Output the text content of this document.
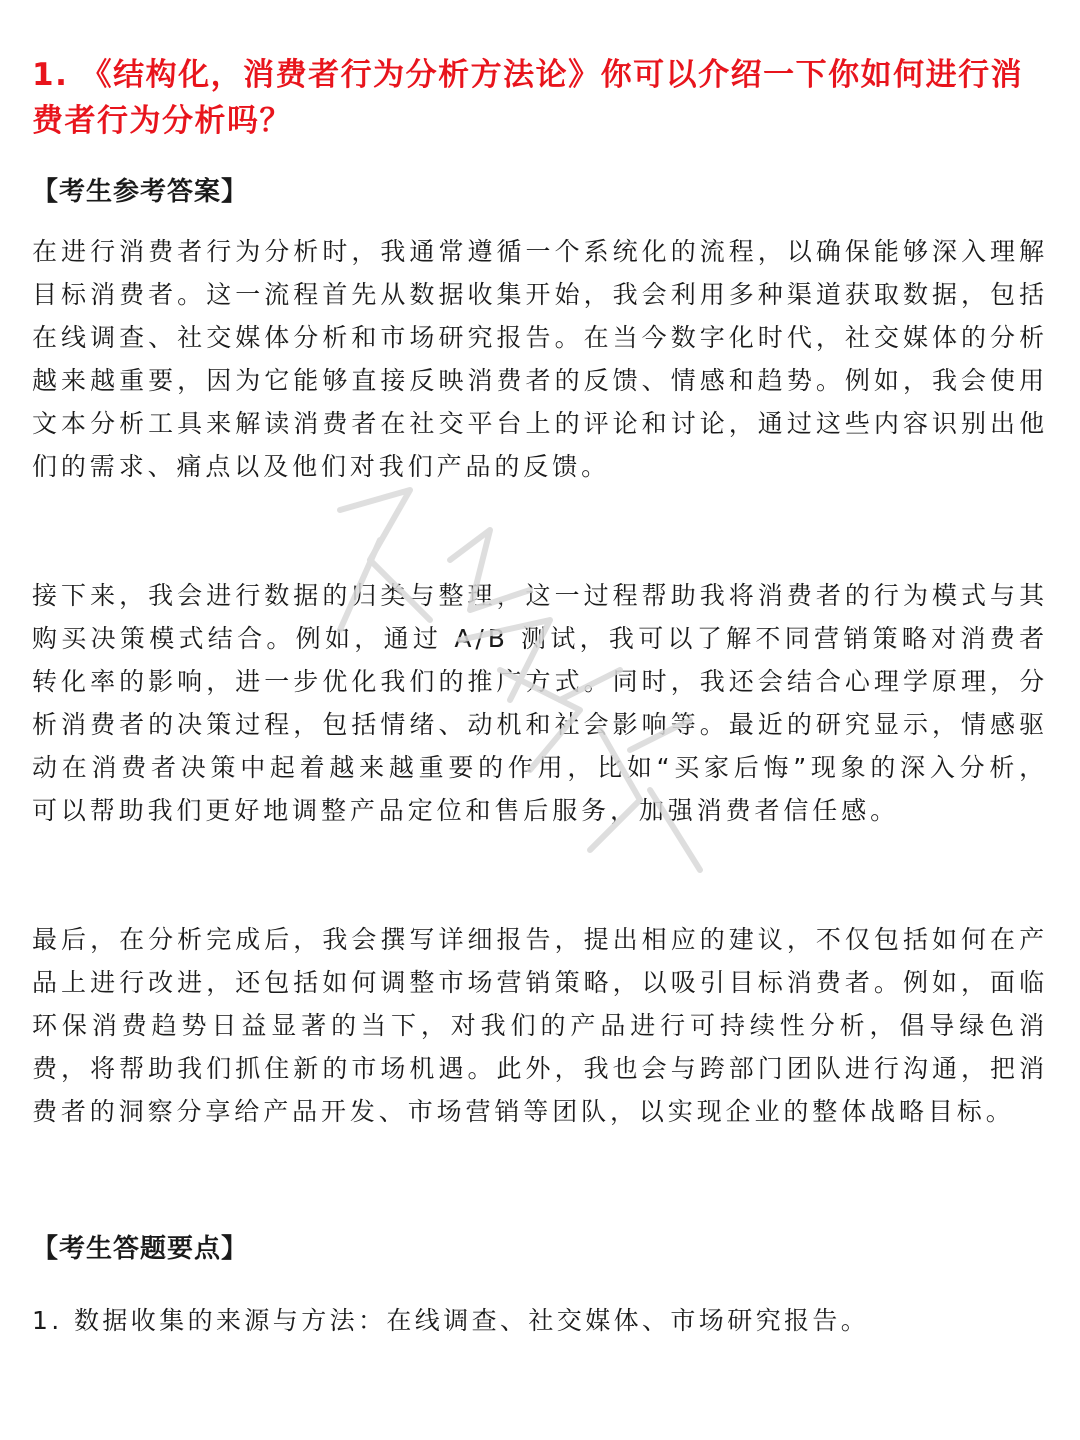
1. 《结构化，消费者行为分析方法论》你可以介绍一下你如何进行消费者行为分析吗？
【考生参考答案】

在进行消费者行为分析时，我通常遵循一个系统化的流程，以确保能够深入理解目标消费者。这一流程首先从数据收集开始，我会利用多种渠道获取数据，包括在线调查、社交媒体分析和市场研究报告。在当今数字化时代，社交媒体的分析越来越重要，因为它能够直接反映消费者的反馈、情感和趋势。例如，我会使用文本分析工具来解读消费者在社交平台上的评论和讨论，通过这些内容识别出他们的需求、痛点以及他们对我们产品的反馈。

接下来，我会进行数据的归类与整理，这一过程帮助我将消费者的行为模式与其购买决策模式结合。例如，通过 A/B 测试，我可以了解不同营销策略对消费者转化率的影响，进一步优化我们的推广方式。同时，我还会结合心理学原理，分析消费者的决策过程，包括情绪、动机和社会影响等。最近的研究显示，情感驱动在消费者决策中起着越来越重要的作用，比如“买家后悔”现象的深入分析，可以帮助我们更好地调整产品定位和售后服务，加强消费者信任感。

最后，在分析完成后，我会撰写详细报告，提出相应的建议，不仅包括如何在产品上进行改进，还包括如何调整市场营销策略，以吸引目标消费者。例如，面临环保消费趋势日益显著的当下，对我们的产品进行可持续性分析，倡导绿色消费，将帮助我们抓住新的市场机遇。此外，我也会与跨部门团队进行沟通，把消费者的洞察分享给产品开发、市场营销等团队，以实现企业的整体战略目标。

【考生答题要点】

1. 数据收集的来源与方法：在线调查、社交媒体、市场研究报告。
